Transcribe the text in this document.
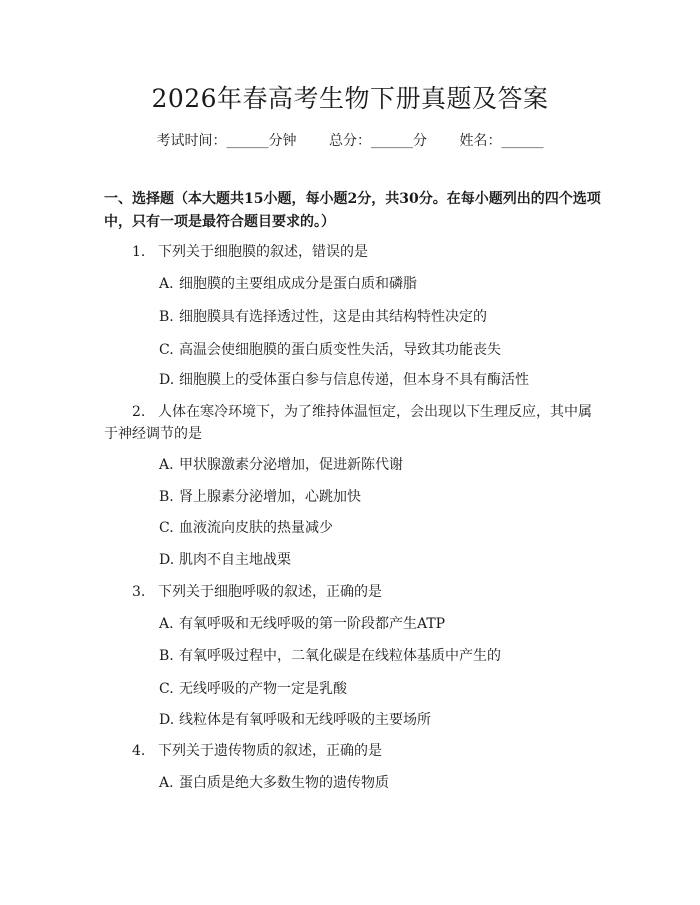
2026年春高考生物下册真题及答案
考试时间：______分钟 总分：______分 姓名：______
一、选择题（本大题共15小题，每小题2分，共30分。在每小题列出的四个选项中，只有一项是最符合题目要求的。）
1. 下列关于细胞膜的叙述，错误的是
A. 细胞膜的主要组成成分是蛋白质和磷脂
B. 细胞膜具有选择透过性，这是由其结构特性决定的
C. 高温会使细胞膜的蛋白质变性失活，导致其功能丧失
D. 细胞膜上的受体蛋白参与信息传递，但本身不具有酶活性
2. 人体在寒冷环境下，为了维持体温恒定，会出现以下生理反应，其中属于神经调节的是
A. 甲状腺激素分泌增加，促进新陈代谢
B. 肾上腺素分泌增加，心跳加快
C. 血液流向皮肤的热量减少
D. 肌肉不自主地战栗
3. 下列关于细胞呼吸的叙述，正确的是
A. 有氧呼吸和无线呼吸的第一阶段都产生ATP
B. 有氧呼吸过程中，二氧化碳是在线粒体基质中产生的
C. 无线呼吸的产物一定是乳酸
D. 线粒体是有氧呼吸和无线呼吸的主要场所
4. 下列关于遗传物质的叙述，正确的是
A. 蛋白质是绝大多数生物的遗传物质
